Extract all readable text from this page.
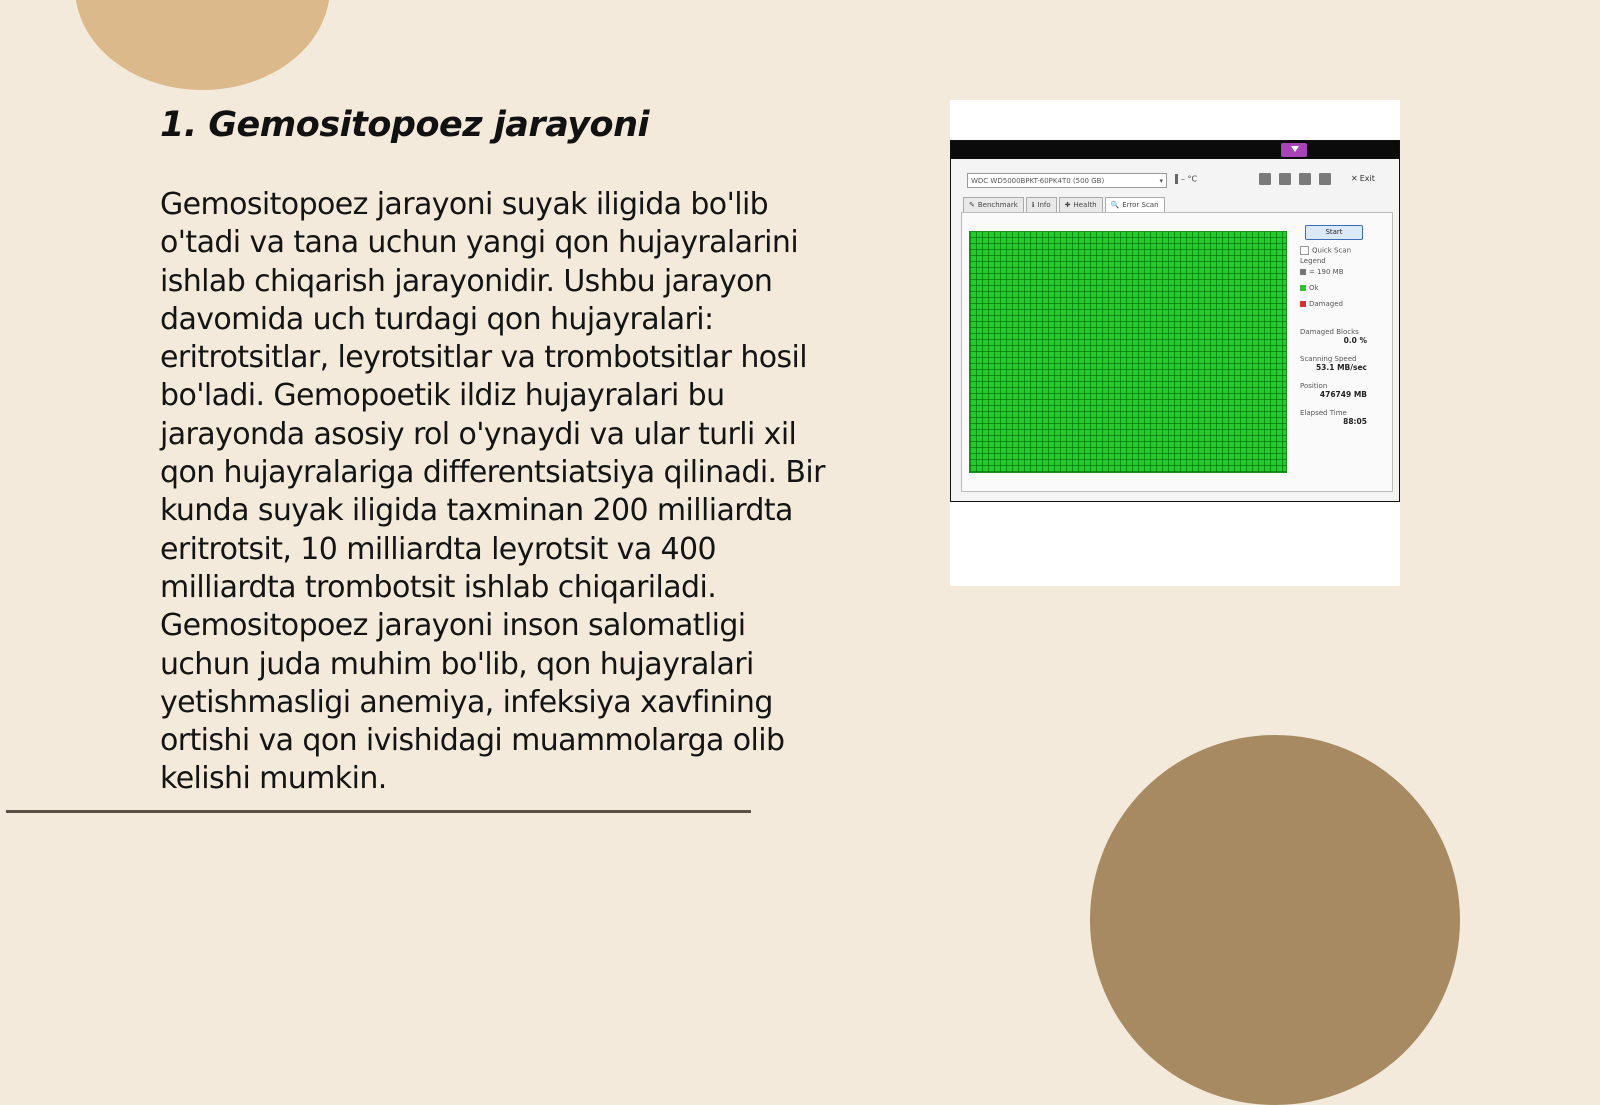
1. Gemositopoez jarayoni

Gemositopoez jarayoni suyak iligida bo'lib o'tadi va tana uchun yangi qon hujayralarini ishlab chiqarish jarayonidir. Ushbu jarayon davomida uch turdagi qon hujayralari: eritrotsitlar, leyrotsitlar va trombotsitlar hosil bo'ladi. Gemopoetik ildiz hujayralari bu jarayonda asosiy rol o'ynaydi va ular turli xil qon hujayralariga differentsiatsiya qilinadi. Bir kunda suyak iligida taxminan 200 milliardta eritrotsit, 10 milliardta leyrotsit va 400 milliardta trombotsit ishlab chiqariladi. Gemositopoez jarayoni inson salomatligi uchun juda muhim bo'lib, qon hujayralari yetishmasligi anemiya, infeksiya xavfining ortishi va qon ivishidagi muammolarga olib kelishi mumkin.

WDC WD5000BPKT-60PK4T0 (500 GB)	▾	– °C	✕ Exit
✎ Benchmark	ℹ Info	✚ Health	🔍 Error Scan
Start
Quick Scan
Legend
= 190 MB
Ok
Damaged
Damaged Blocks
0.0 %
Scanning Speed
53.1 MB/sec
Position
476749 MB
Elapsed Time
88:05
